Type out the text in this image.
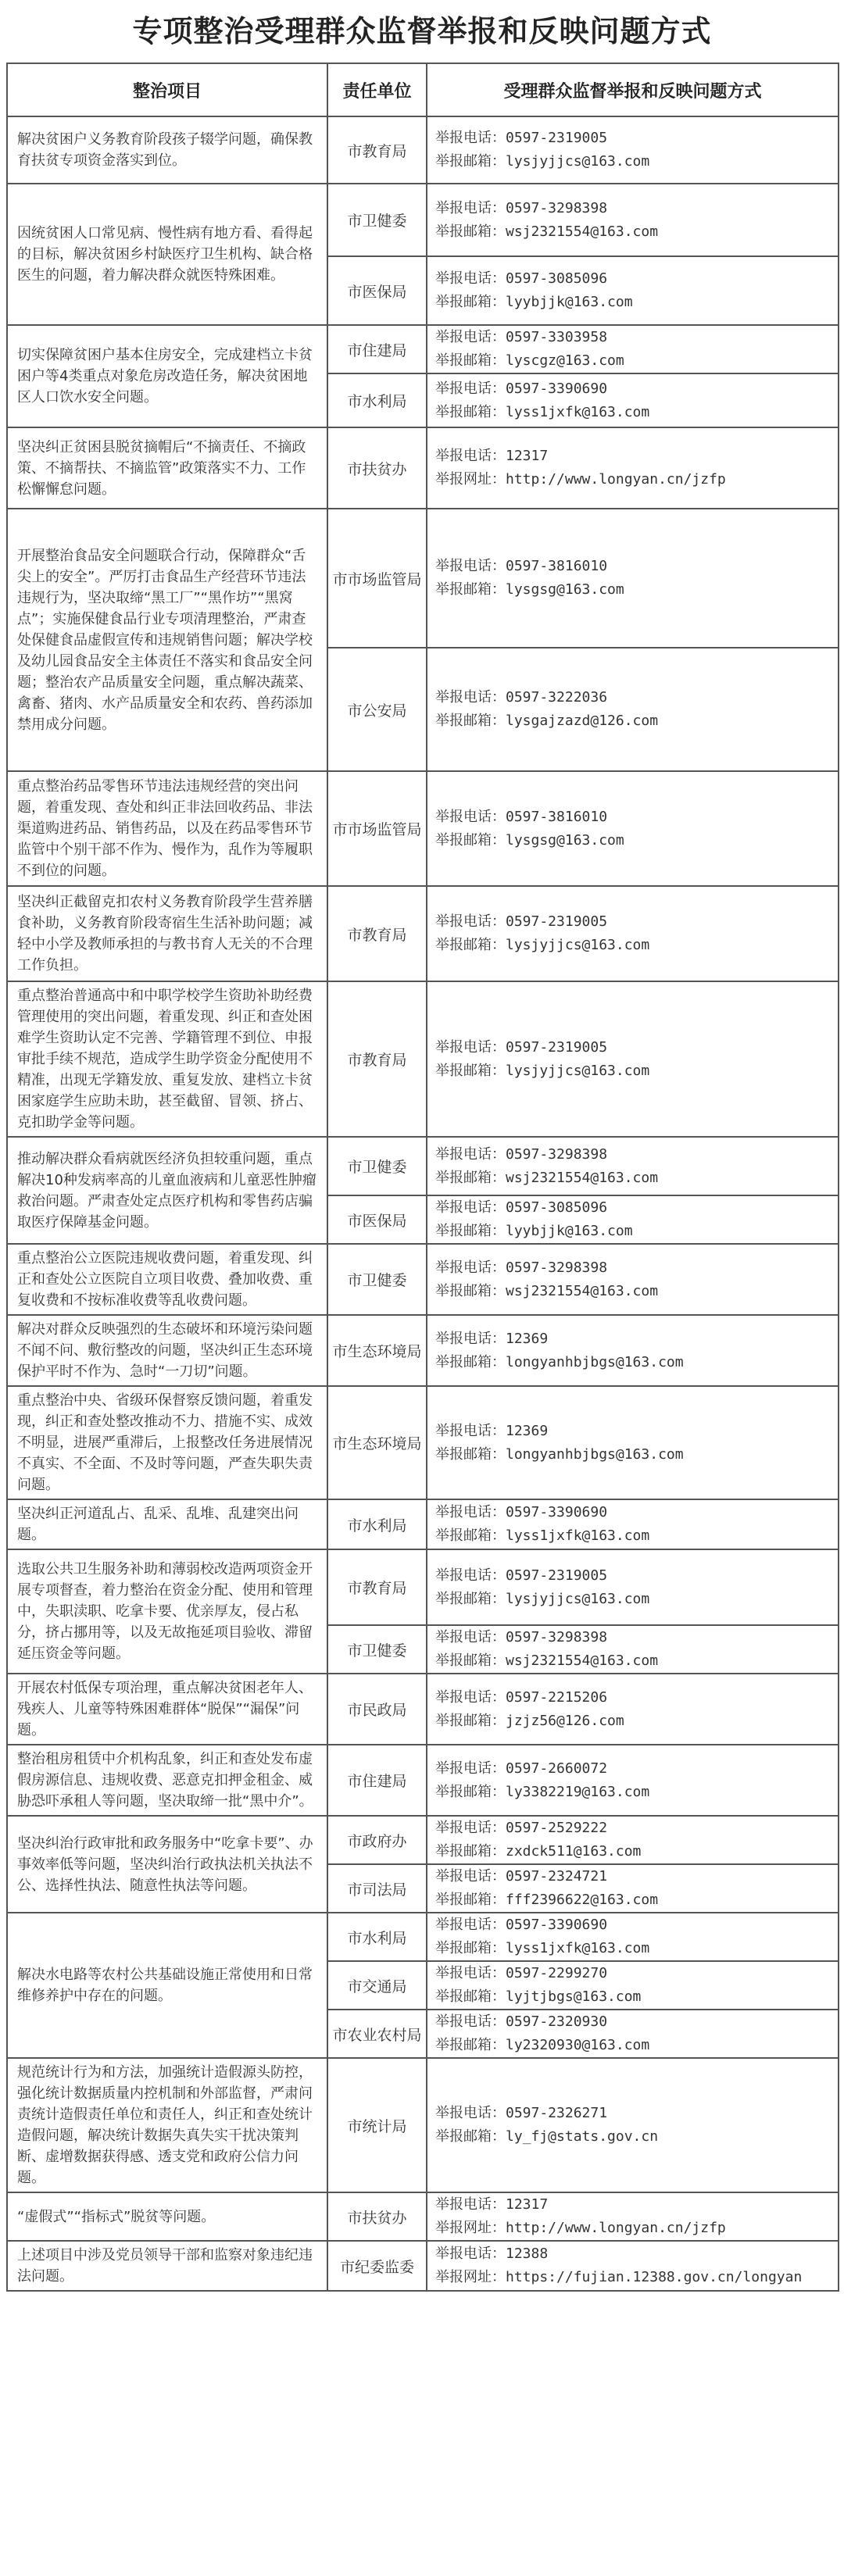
专项整治受理群众监督举报和反映问题方式
整治项目	责任单位	受理群众监督举报和反映问题方式
解决贫困户义务教育阶段孩子辍学问题，确保教育扶贫专项资金落实到位。	市教育局	举报电话：0597-2319005
举报邮箱：lysjyjjcs@163.com

因统贫困人口常见病、慢性病有地方看、看得起的目标，解决贫困乡村缺医疗卫生机构、缺合格医生的问题，着力解决群众就医特殊困难。	市卫健委	举报电话：0597-3298398
举报邮箱：wsj2321554@163.com

	市医保局	举报电话：0597-3085096
举报邮箱：lyybjjk@163.com

切实保障贫困户基本住房安全，完成建档立卡贫困户等4类重点对象危房改造任务，解决贫困地区人口饮水安全问题。	市住建局	举报电话：0597-3303958
举报邮箱：lyscgz@163.com

	市水利局	举报电话：0597-3390690
举报邮箱：lyss1jxfk@163.com

坚决纠正贫困县脱贫摘帽后“不摘责任、不摘政策、不摘帮扶、不摘监管”政策落实不力、工作松懈懈怠问题。	市扶贫办	举报电话：12317
举报网址：http://www.longyan.cn/jzfp

开展整治食品安全问题联合行动，保障群众“舌尖上的安全”。严厉打击食品生产经营环节违法违规行为，坚决取缔“黑工厂”“黑作坊”“黑窝点”；实施保健食品行业专项清理整治，严肃查处保健食品虚假宣传和违规销售问题；解决学校及幼儿园食品安全主体责任不落实和食品安全问题；整治农产品质量安全问题，重点解决蔬菜、禽畜、猪肉、水产品质量安全和农药、兽药添加禁用成分问题。	市市场监管局	举报电话：0597-3816010
举报邮箱：lysgsg@163.com

	市公安局	举报电话：0597-3222036
举报邮箱：lysgajzazd@126.com

重点整治药品零售环节违法违规经营的突出问题，着重发现、查处和纠正非法回收药品、非法渠道购进药品、销售药品，以及在药品零售环节监管中个别干部不作为、慢作为，乱作为等履职不到位的问题。	市市场监管局	举报电话：0597-3816010
举报邮箱：lysgsg@163.com

坚决纠正截留克扣农村义务教育阶段学生营养膳食补助，义务教育阶段寄宿生生活补助问题；减轻中小学及教师承担的与教书育人无关的不合理工作负担。	市教育局	举报电话：0597-2319005
举报邮箱：lysjyjjcs@163.com

重点整治普通高中和中职学校学生资助补助经费管理使用的突出问题，着重发现、纠正和查处困难学生资助认定不完善、学籍管理不到位、申报审批手续不规范，造成学生助学资金分配使用不精准，出现无学籍发放、重复发放、建档立卡贫困家庭学生应助未助，甚至截留、冒领、挤占、克扣助学金等问题。	市教育局	举报电话：0597-2319005
举报邮箱：lysjyjjcs@163.com

推动解决群众看病就医经济负担较重问题，重点解决10种发病率高的儿童血液病和儿童恶性肿瘤救治问题。严肃查处定点医疗机构和零售药店骗取医疗保障基金问题。	市卫健委	举报电话：0597-3298398
举报邮箱：wsj2321554@163.com

	市医保局	举报电话：0597-3085096
举报邮箱：lyybjjk@163.com

重点整治公立医院违规收费问题，着重发现、纠正和查处公立医院自立项目收费、叠加收费、重复收费和不按标准收费等乱收费问题。	市卫健委	举报电话：0597-3298398
举报邮箱：wsj2321554@163.com

解决对群众反映强烈的生态破坏和环境污染问题不闻不问、敷衍整改的问题，坚决纠正生态环境保护平时不作为、急时“一刀切”问题。	市生态环境局	举报电话：12369
举报邮箱：longyanhbjbgs@163.com

重点整治中央、省级环保督察反馈问题，着重发现，纠正和查处整改推动不力、措施不实、成效不明显，进展严重滞后，上报整改任务进展情况不真实、不全面、不及时等问题，严查失职失责问题。	市生态环境局	举报电话：12369
举报邮箱：longyanhbjbgs@163.com

坚决纠正河道乱占、乱采、乱堆、乱建突出问题。	市水利局	举报电话：0597-3390690
举报邮箱：lyss1jxfk@163.com

选取公共卫生服务补助和薄弱校改造两项资金开展专项督查，着力整治在资金分配、使用和管理中，失职渎职、吃拿卡要、优亲厚友，侵占私分，挤占挪用等，以及无故拖延项目验收、滞留延压资金等问题。	市教育局	举报电话：0597-2319005
举报邮箱：lysjyjjcs@163.com

	市卫健委	举报电话：0597-3298398
举报邮箱：wsj2321554@163.com

开展农村低保专项治理，重点解决贫困老年人、残疾人、儿童等特殊困难群体“脱保”“漏保”问题。	市民政局	举报电话：0597-2215206
举报邮箱：jzjz56@126.com

整治租房租赁中介机构乱象，纠正和查处发布虚假房源信息、违规收费、恶意克扣押金租金、威胁恐吓承租人等问题，坚决取缔一批“黑中介”。	市住建局	举报电话：0597-2660072
举报邮箱：ly3382219@163.com

坚决纠治行政审批和政务服务中“吃拿卡要”、办事效率低等问题，坚决纠治行政执法机关执法不公、选择性执法、随意性执法等问题。	市政府办	举报电话：0597-2529222
举报邮箱：zxdck511@163.com

	市司法局	举报电话：0597-2324721
举报邮箱：fff2396622@163.com

解决水电路等农村公共基础设施正常使用和日常维修养护中存在的问题。	市水利局	举报电话：0597-3390690
举报邮箱：lyss1jxfk@163.com

	市交通局	举报电话：0597-2299270
举报邮箱：lyjtjbgs@163.com

	市农业农村局	举报电话：0597-2320930
举报邮箱：ly2320930@163.com

规范统计行为和方法，加强统计造假源头防控，强化统计数据质量内控机制和外部监督，严肃问责统计造假责任单位和责任人，纠正和查处统计造假问题，解决统计数据失真失实干扰决策判断、虚增数据获得感、透支党和政府公信力问题。	市统计局	举报电话：0597-2326271
举报邮箱：ly_fj@stats.gov.cn

“虚假式”“指标式”脱贫等问题。	市扶贫办	举报电话：12317
举报网址：http://www.longyan.cn/jzfp

上述项目中涉及党员领导干部和监察对象违纪违法问题。	市纪委监委	举报电话：12388
举报网址：https://fujian.12388.gov.cn/longyan
